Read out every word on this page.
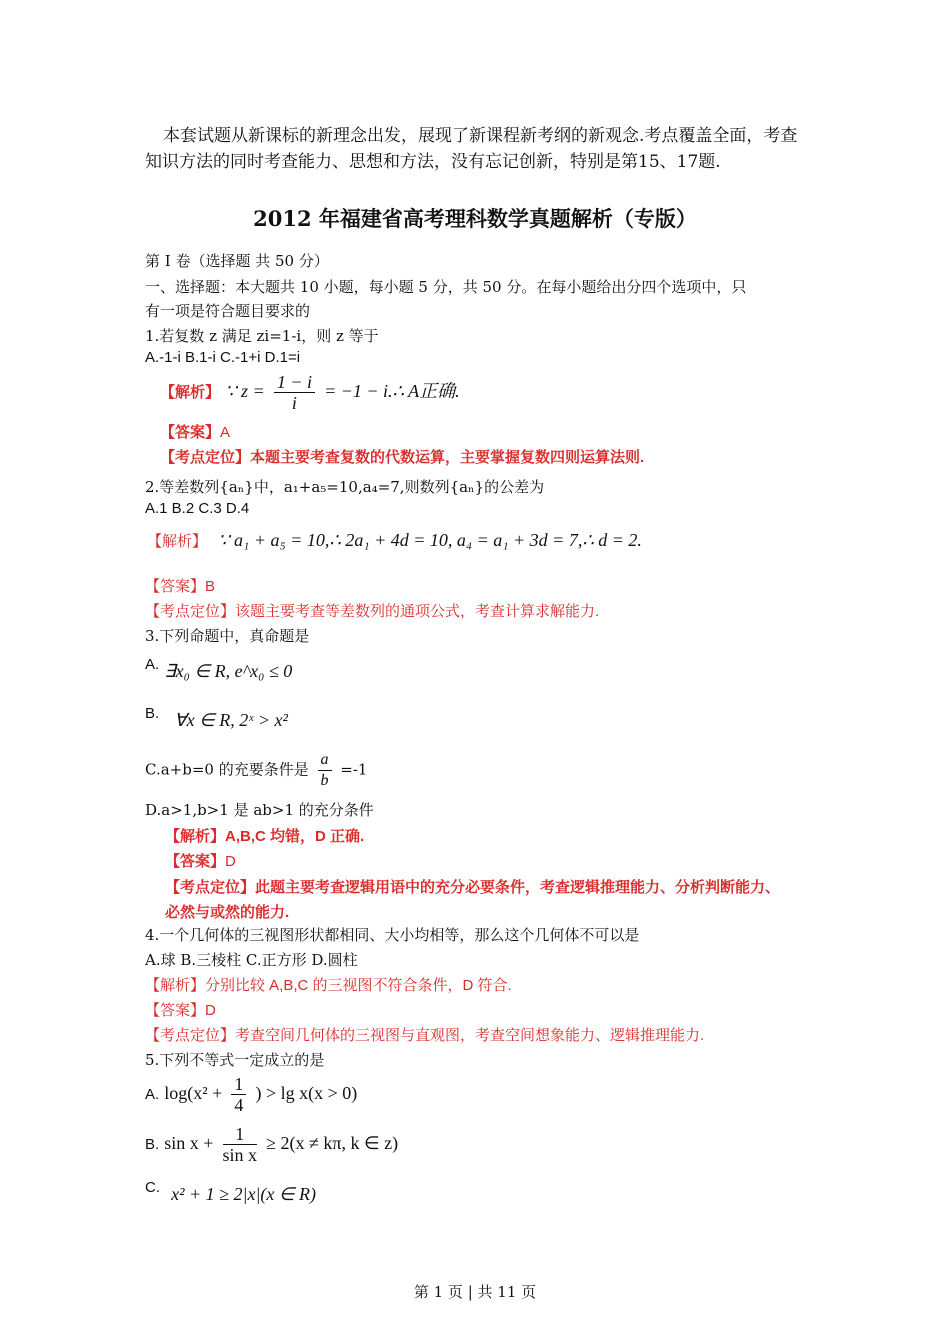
本套试题从新课标的新理念出发，展现了新课程新考纲的新观念.考点覆盖全面，考查知识方法的同时考查能力、思想和方法，没有忘记创新，特别是第15、17题.
2012 年福建省高考理科数学真题解析（专版）
第 I 卷（选择题 共 50 分）
一、选择题：本大题共 10 小题，每小题 5 分，共 50 分。在每小题给出分四个选项中，只
有一项是符合题目要求的
1.若复数 z 满足 zi=1-i，则 z 等于
A.-1-i B.1-i C.-1+i D.1=i
【解析】 ∵ $z = \frac{1 - i}{i} = -1$ − i.∴ A正确.
【答案】A
【考点定位】本题主要考查复数的代数运算，主要掌握复数四则运算法则.
2.等差数列{aₙ}中，a₁+a₅=10,a₄=7,则数列{aₙ}的公差为
A.1 B.2 C.3 D.4
【解析】 ∵ a₁ + a₅ = 10,∴ 2a₁ + 4d = 10, a₄ = a₁ + 3d = 7,∴ d = 2.
【答案】B
【考点定位】该题主要考查等差数列的通项公式，考查计算求解能力.
3.下列命题中，真命题是
A. ∃x₀ ∈ R, e^x₀ ≤ 0
B. ∀x ∈ R, 2ˣ > x²
C.a+b=0 的充要条件是 $\frac{a}{b} =-1$
D.a>1,b>1 是 ab>1 的充分条件
【解析】A,B,C 均错，D 正确.
【答案】D
【考点定位】此题主要考查逻辑用语中的充分必要条件，考查逻辑推理能力、分析判断能力、
必然与或然的能力.
4.一个几何体的三视图形状都相同、大小均相等，那么这个几何体不可以是
A.球 B.三棱柱 C.正方形 D.圆柱
【解析】分别比较 A,B,C 的三视图不符合条件，D 符合.
【答案】D
【考点定位】考查空间几何体的三视图与直观图，考查空间想象能力、逻辑推理能力.
5.下列不等式一定成立的是
A. $\log(x^2 + \frac{1}{4}$ ) > lg x(x > 0)
B. $\sin x + \frac{1}{\text{sin x}} \ge 2(x \ne k\pi$, k ∈ z)
C. x² + 1 ≥ 2|x|(x ∈ R)
第 1 页 | 共 11 页
